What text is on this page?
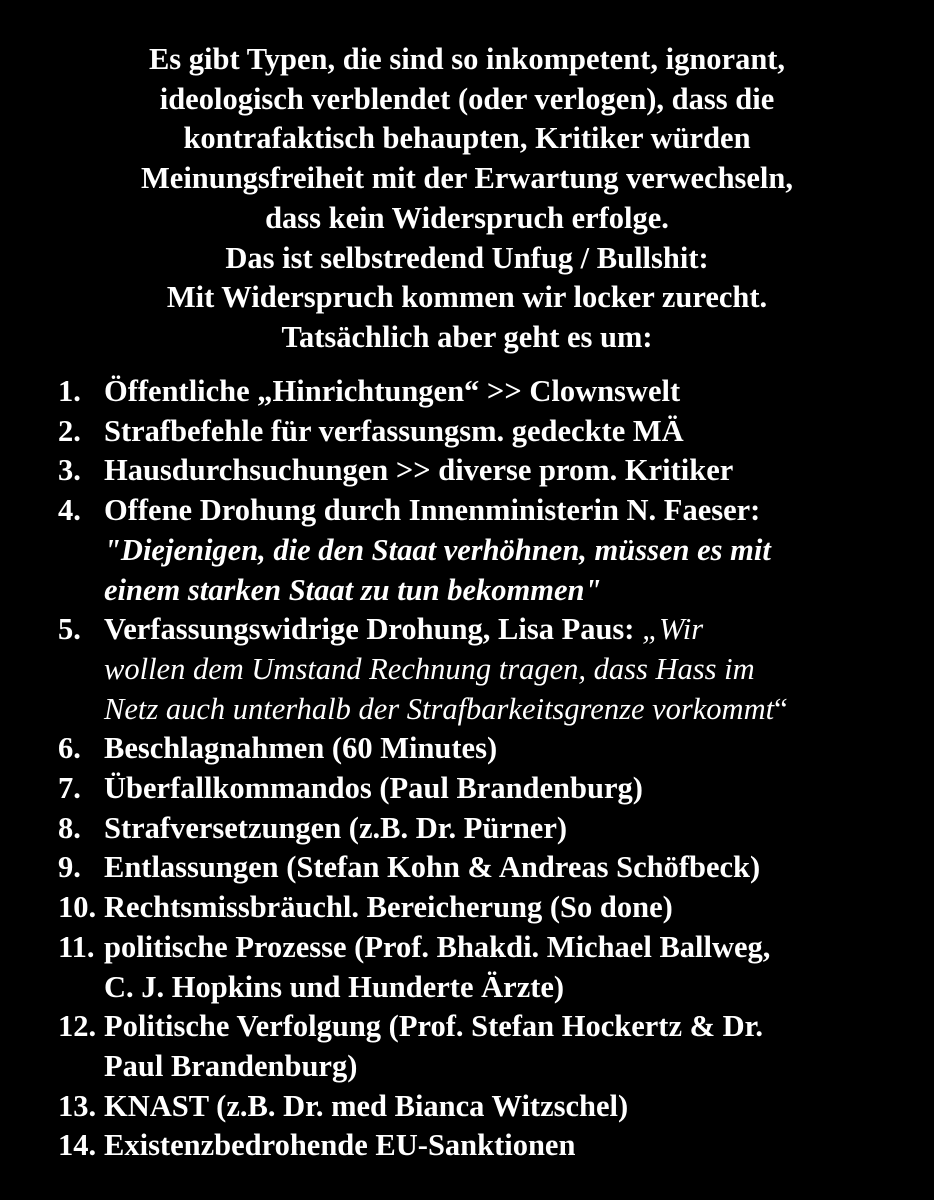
Es gibt Typen, die sind so inkompetent, ignorant,
ideologisch verblendet (oder verlogen), dass die
kontrafaktisch behaupten, Kritiker würden
Meinungsfreiheit mit der Erwartung verwechseln,
dass kein Widerspruch erfolge.
Das ist selbstredend Unfug / Bullshit:
Mit Widerspruch kommen wir locker zurecht.
Tatsächlich aber geht es um:
1. Öffentliche „Hinrichtungen“ >> Clownswelt
2. Strafbefehle für verfassungsm. gedeckte MÄ
3. Hausdurchsuchungen >> diverse prom. Kritiker
4. Offene Drohung durch Innenministerin N. Faeser:
"Diejenigen, die den Staat verhöhnen, müssen es mit
einem starken Staat zu tun bekommen"
5. Verfassungswidrige Drohung, Lisa Paus: „Wir
wollen dem Umstand Rechnung tragen, dass Hass im
Netz auch unterhalb der Strafbarkeitsgrenze vorkommt“
6. Beschlagnahmen (60 Minutes)
7. Überfallkommandos (Paul Brandenburg)
8. Strafversetzungen (z.B. Dr. Pürner)
9. Entlassungen (Stefan Kohn & Andreas Schöfbeck)
10. Rechtsmissbräuchl. Bereicherung (So done)
11. politische Prozesse (Prof. Bhakdi. Michael Ballweg,
C. J. Hopkins und Hunderte Ärzte)
12. Politische Verfolgung (Prof. Stefan Hockertz & Dr.
Paul Brandenburg)
13. KNAST (z.B. Dr. med Bianca Witzschel)
14. Existenzbedrohende EU-Sanktionen
